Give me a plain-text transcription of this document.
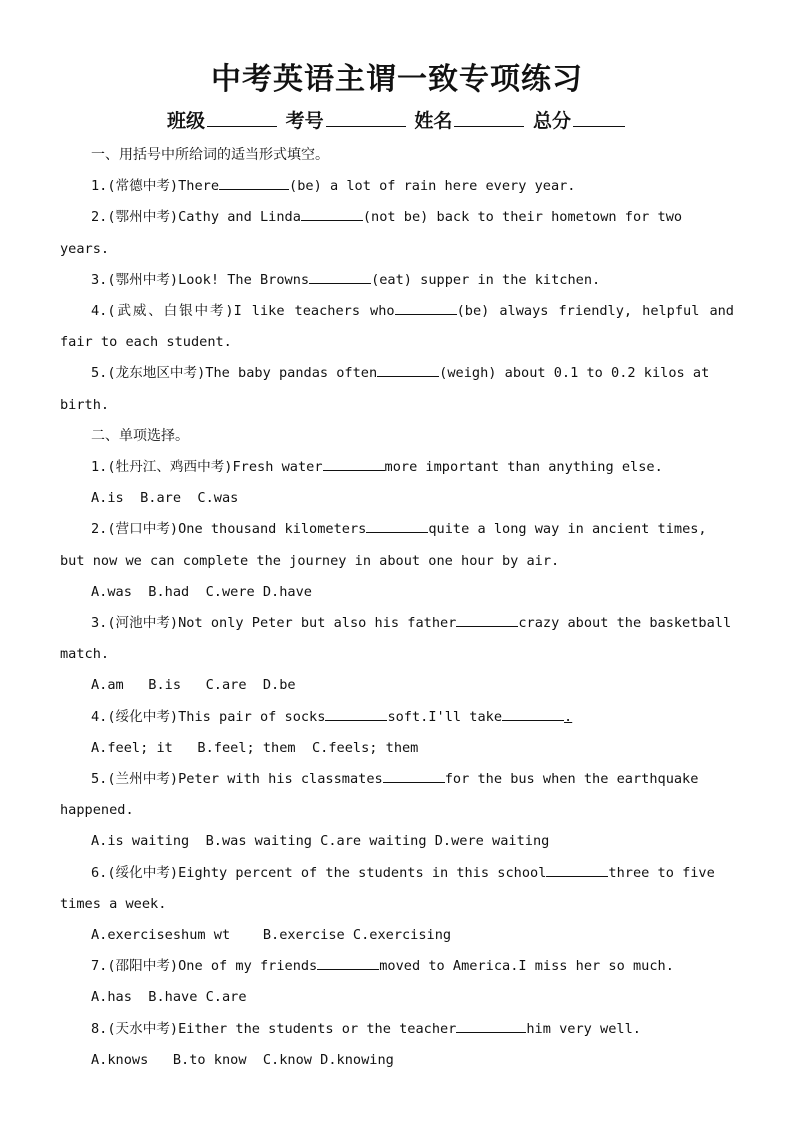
中考英语主谓一致专项练习
班级	考号	姓名	总分

一、用括号中所给词的适当形式填空。

1.(常德中考)There	(be) a lot of rain here every year.

2.(鄂州中考)Cathy and Linda	(not be) back to their hometown for two years.

3.(鄂州中考)Look! The Browns	(eat) supper in the kitchen.

4.(武威、白银中考)I like teachers who	(be) always friendly, helpful and fair to each student.

5.(龙东地区中考)The baby pandas often	(weigh) about 0.1 to 0.2 kilos at birth.

二、单项选择。

1.(牡丹江、鸡西中考)Fresh water	more important than anything else.

A.is  B.are  C.was

2.(营口中考)One thousand kilometers	quite a long way in ancient times, but now we can complete the journey in about one hour by air.

A.was  B.had  C.were D.have

3.(河池中考)Not only Peter but also his father	crazy about the basketball match.

A.am   B.is   C.are  D.be

4.(绥化中考)This pair of socks	soft.I'll take	.

A.feel; it   B.feel; them  C.feels; them

5.(兰州中考)Peter with his classmates	for the bus when the earthquake happened.

A.is waiting  B.was waiting C.are waiting D.were waiting

6.(绥化中考)Eighty percent of the students in this school	three to five times a week.

A.exerciseshum wt    B.exercise C.exercising

7.(邵阳中考)One of my friends	moved to America.I miss her so much.

A.has  B.have C.are

8.(天水中考)Either the students or the teacher	him very well.

A.knows   B.to know  C.know D.knowing
